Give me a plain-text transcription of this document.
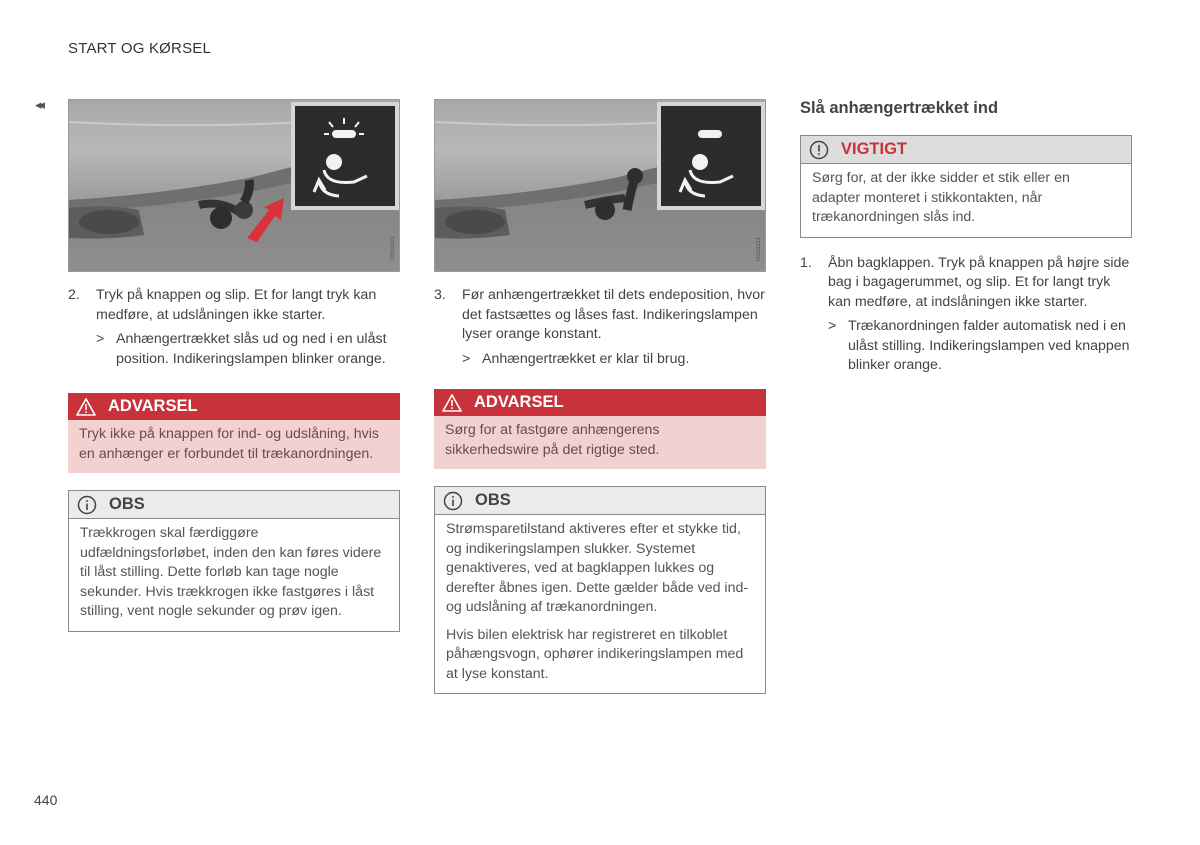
START OG KØRSEL
◂◂
G053310
2.	Tryk på knappen og slip. Et for langt tryk kan medføre, at udslåningen ikke starter.
> Anhængertrækket slås ud og ned i en ulåst position. Indikeringslampen blinker orange.
ADVARSEL

Tryk ikke på knappen for ind- og udslåning, hvis en anhænger er forbundet til trækanordningen.

OBS

Trækkrogen skal færdiggøre udfældningsforløbet, inden den kan føres videre til låst stilling. Dette forløb kan tage nogle sekunder. Hvis trækkrogen ikke fastgøres i låst stilling, vent nogle sekunder og prøv igen.

G053311
3.	Før anhængertrækket til dets endeposition, hvor det fastsættes og låses fast. Indikeringslampen lyser orange konstant.
> Anhængertrækket er klar til brug.
ADVARSEL

Sørg for at fastgøre anhængerens sikkerhedswire på det rigtige sted.

OBS

Strømsparetilstand aktiveres efter et stykke tid, og indikeringslampen slukker. Systemet genaktiveres, ved at bagklappen lukkes og derefter åbnes igen. Dette gælder både ved ind- og udslåning af trækanordningen.

Hvis bilen elektrisk har registreret en tilkoblet påhængsvogn, ophører indikeringslampen med at lyse konstant.

Slå anhængertrækket ind
VIGTIGT

Sørg for, at der ikke sidder et stik eller en adapter monteret i stikkontakten, når trækanordningen slås ind.

1.	Åbn bagklappen. Tryk på knappen på højre side bag i bagagerummet, og slip. Et for langt tryk kan medføre, at indslåningen ikke starter.
> Trækanordningen falder automatisk ned i en ulåst stilling. Indikeringslampen ved knappen blinker orange.
440
